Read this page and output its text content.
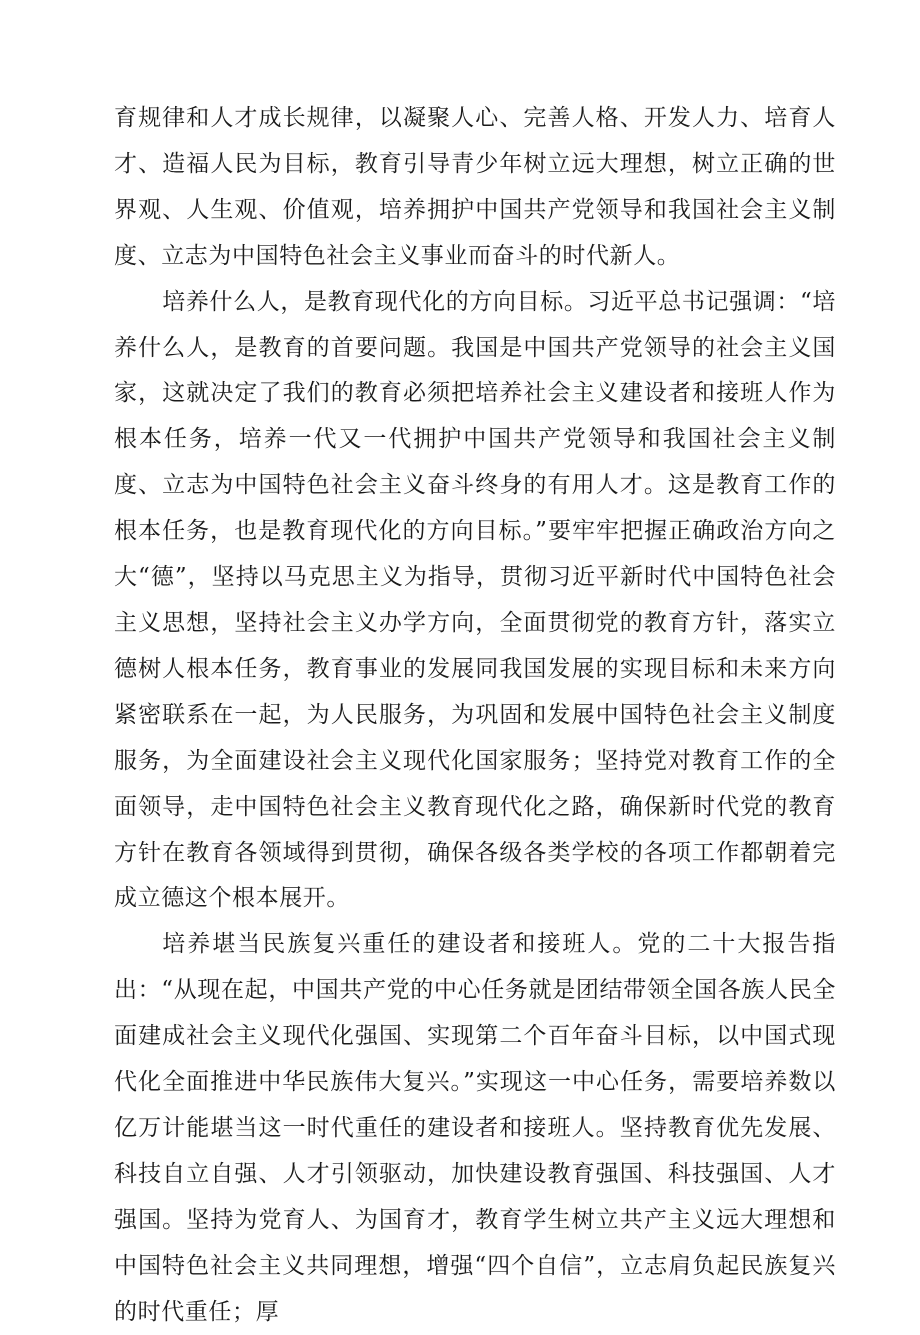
育规律和人才成长规律，以凝聚人心、完善人格、开发人力、培育人才、造福人民为目标，教育引导青少年树立远大理想，树立正确的世界观、人生观、价值观，培养拥护中国共产党领导和我国社会主义制度、立志为中国特色社会主义事业而奋斗的时代新人。

培养什么人，是教育现代化的方向目标。习近平总书记强调：“培养什么人，是教育的首要问题。我国是中国共产党领导的社会主义国家，这就决定了我们的教育必须把培养社会主义建设者和接班人作为根本任务，培养一代又一代拥护中国共产党领导和我国社会主义制度、立志为中国特色社会主义奋斗终身的有用人才。这是教育工作的根本任务，也是教育现代化的方向目标。”要牢牢把握正确政治方向之大“德”，坚持以马克思主义为指导，贯彻习近平新时代中国特色社会主义思想，坚持社会主义办学方向，全面贯彻党的教育方针，落实立德树人根本任务，教育事业的发展同我国发展的实现目标和未来方向紧密联系在一起，为人民服务，为巩固和发展中国特色社会主义制度服务，为全面建设社会主义现代化国家服务；坚持党对教育工作的全面领导，走中国特色社会主义教育现代化之路，确保新时代党的教育方针在教育各领域得到贯彻，确保各级各类学校的各项工作都朝着完成立德这个根本展开。

培养堪当民族复兴重任的建设者和接班人。党的二十大报告指出：“从现在起，中国共产党的中心任务就是团结带领全国各族人民全面建成社会主义现代化强国、实现第二个百年奋斗目标，以中国式现代化全面推进中华民族伟大复兴。”实现这一中心任务，需要培养数以亿万计能堪当这一时代重任的建设者和接班人。坚持教育优先发展、科技自立自强、人才引领驱动，加快建设教育强国、科技强国、人才强国。坚持为党育人、为国育才，教育学生树立共产主义远大理想和中国特色社会主义共同理想，增强“四个自信”，立志肩负起民族复兴的时代重任；厚
